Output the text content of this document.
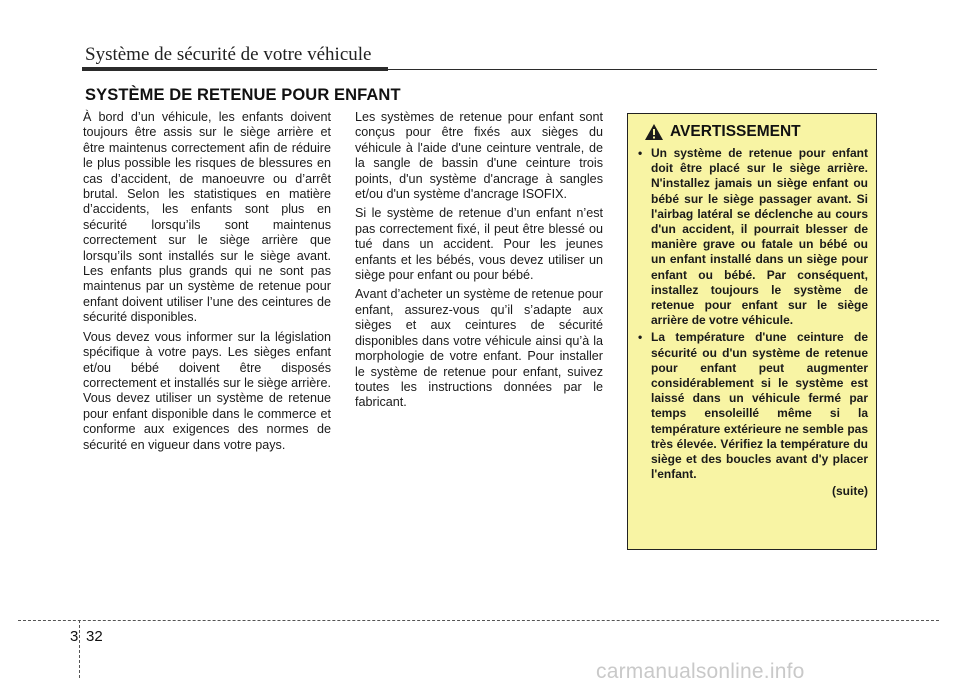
Système de sécurité de votre véhicule
SYSTÈME DE RETENUE POUR ENFANT

À bord d’un véhicule, les enfants doivent toujours être assis sur le siège arrière et être maintenus correctement afin de réduire le plus possible les risques de blessures en cas d’accident, de manoeuvre ou d’arrêt brutal. Selon les statistiques en matière d’accidents, les enfants sont plus en sécurité lorsqu’ils sont maintenus correctement sur le siège arrière que lorsqu’ils sont installés sur le siège avant. Les enfants plus grands qui ne sont pas maintenus par un système de retenue pour enfant doivent utiliser l’une des ceintures de sécurité disponibles.

Vous devez vous informer sur la législation spécifique à votre pays. Les sièges enfant et/ou bébé doivent être disposés correctement et installés sur le siège arrière. Vous devez utiliser un système de retenue pour enfant disponible dans le commerce et conforme aux exigences des normes de sécurité en vigueur dans votre pays.

Les systèmes de retenue pour enfant sont conçus pour être fixés aux sièges du véhicule à l'aide d'une ceinture ventrale, de la sangle de bassin d'une ceinture trois points, d'un système d'ancrage à sangles et/ou d'un système d'ancrage ISOFIX.

Si le système de retenue d’un enfant n’est pas correctement fixé, il peut être blessé ou tué dans un accident. Pour les jeunes enfants et les bébés, vous devez utiliser un siège pour enfant ou pour bébé.

Avant d’acheter un système de retenue pour enfant, assurez-vous qu’il s’adapte aux sièges et aux ceintures de sécurité disponibles dans votre véhicule ainsi qu’à la morphologie de votre enfant. Pour installer le système de retenue pour enfant, suivez toutes les instructions données par le fabricant.

AVERTISSEMENT
• Un système de retenue pour enfant doit être placé sur le siège arrière. N'installez jamais un siège enfant ou bébé sur le siège passager avant. Si l'airbag latéral se déclenche au cours d'un accident, il pourrait blesser de manière grave ou fatale un bébé ou un enfant installé dans un siège pour enfant ou bébé. Par conséquent, installez toujours le système de retenue pour enfant sur le siège arrière de votre véhicule.
• La température d'une ceinture de sécurité ou d'un système de retenue pour enfant peut augmenter considérablement si le système est laissé dans un véhicule fermé par temps ensoleillé même si la température extérieure ne semble pas très élevée. Vérifiez la température du siège et des boucles avant d'y placer l'enfant.
(suite)
3 32
carmanualsonline.info
